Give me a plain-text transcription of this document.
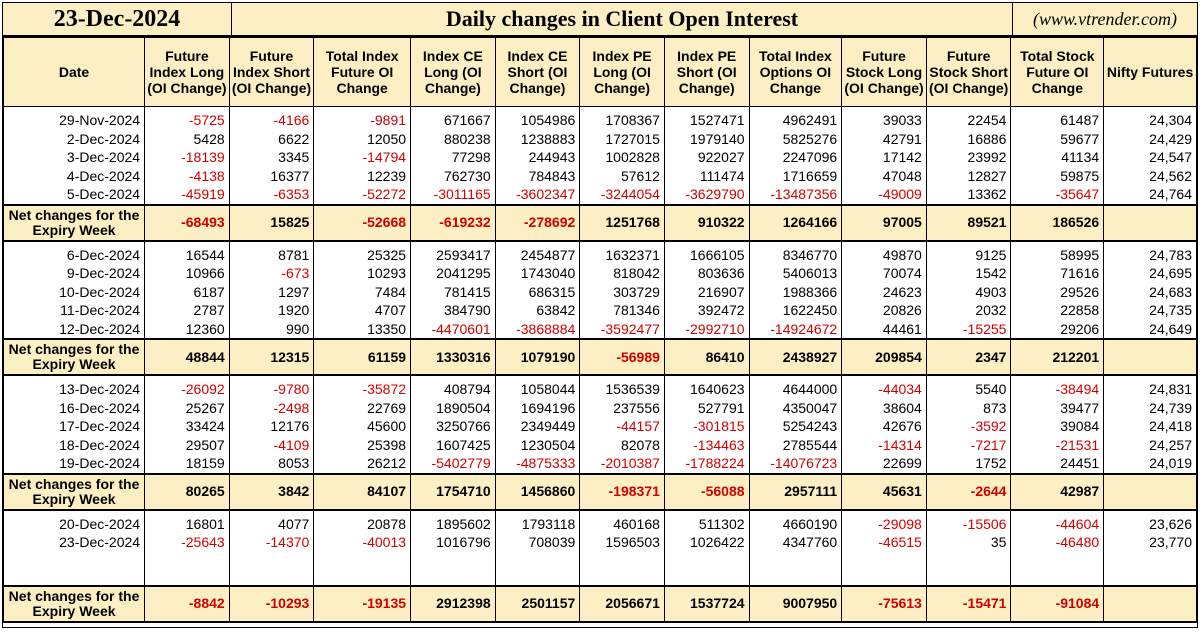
23-Dec-2024	Daily changes in Client Open Interest	(www.vtrender.com)
Date	Future Index Long (OI Change)	Future Index Short (OI Change)	Total Index Future OI Change	Index CE Long (OI Change)	Index CE Short (OI Change)	Index PE Long (OI Change)	Index PE Short (OI Change)	Total Index Options OI Change	Future Stock Long (OI Change)	Future Stock Short (OI Change)	Total Stock Future OI Change	Nifty Futures

29-Nov-2024	-5725	-4166	-9891	671667	1054986	1708367	1527471	4962491	39033	22454	61487	24,304
2-Dec-2024	5428	6622	12050	880238	1238883	1727015	1979140	5825276	42791	16886	59677	24,429
3-Dec-2024	-18139	3345	-14794	77298	244943	1002828	922027	2247096	17142	23992	41134	24,547
4-Dec-2024	-4138	16377	12239	762730	784843	57612	111474	1716659	47048	12827	59875	24,562
5-Dec-2024	-45919	-6353	-52272	-3011165	-3602347	-3244054	-3629790	-13487356	-49009	13362	-35647	24,764
Net changes for the Expiry Week	-68493	15825	-52668	-619232	-278692	1251768	910322	1264166	97005	89521	186526	

6-Dec-2024	16544	8781	25325	2593417	2454877	1632371	1666105	8346770	49870	9125	58995	24,783
9-Dec-2024	10966	-673	10293	2041295	1743040	818042	803636	5406013	70074	1542	71616	24,695
10-Dec-2024	6187	1297	7484	781415	686315	303729	216907	1988366	24623	4903	29526	24,683
11-Dec-2024	2787	1920	4707	384790	63842	781346	392472	1622450	20826	2032	22858	24,735
12-Dec-2024	12360	990	13350	-4470601	-3868884	-3592477	-2992710	-14924672	44461	-15255	29206	24,649
Net changes for the Expiry Week	48844	12315	61159	1330316	1079190	-56989	86410	2438927	209854	2347	212201	

13-Dec-2024	-26092	-9780	-35872	408794	1058044	1536539	1640623	4644000	-44034	5540	-38494	24,831
16-Dec-2024	25267	-2498	22769	1890504	1694196	237556	527791	4350047	38604	873	39477	24,739
17-Dec-2024	33424	12176	45600	3250766	2349449	-44157	-301815	5254243	42676	-3592	39084	24,418
18-Dec-2024	29507	-4109	25398	1607425	1230504	82078	-134463	2785544	-14314	-7217	-21531	24,257
19-Dec-2024	18159	8053	26212	-5402779	-4875333	-2010387	-1788224	-14076723	22699	1752	24451	24,019
Net changes for the Expiry Week	80265	3842	84107	1754710	1456860	-198371	-56088	2957111	45631	-2644	42987	

20-Dec-2024	16801	4077	20878	1895602	1793118	460168	511302	4660190	-29098	-15506	-44604	23,626
23-Dec-2024	-25643	-14370	-40013	1016796	708039	1596503	1026422	4347760	-46515	35	-46480	23,770

Net changes for the Expiry Week	-8842	-10293	-19135	2912398	2501157	2056671	1537724	9007950	-75613	-15471	-91084	
